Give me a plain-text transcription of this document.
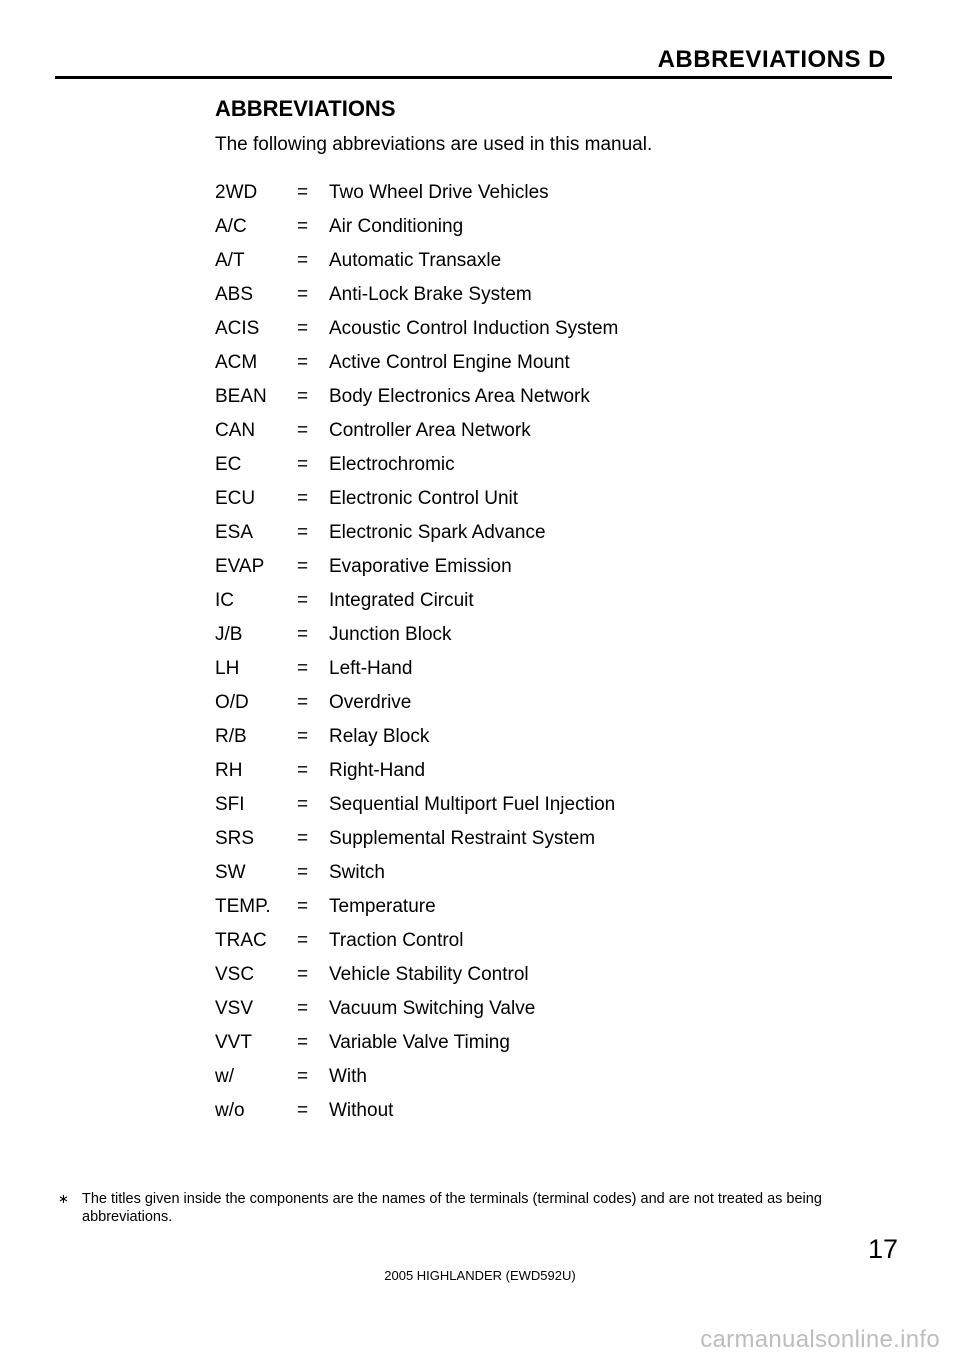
ABBREVIATIONS D
ABBREVIATIONS
The following abbreviations are used in this manual.
2WD	=	Two Wheel Drive Vehicles
A/C	=	Air Conditioning
A/T	=	Automatic Transaxle
ABS	=	Anti-Lock Brake System
ACIS	=	Acoustic Control Induction System
ACM	=	Active Control Engine Mount
BEAN	=	Body Electronics Area Network
CAN	=	Controller Area Network
EC	=	Electrochromic
ECU	=	Electronic Control Unit
ESA	=	Electronic Spark Advance
EVAP	=	Evaporative Emission
IC	=	Integrated Circuit
J/B	=	Junction Block
LH	=	Left-Hand
O/D	=	Overdrive
R/B	=	Relay Block
RH	=	Right-Hand
SFI	=	Sequential Multiport Fuel Injection
SRS	=	Supplemental Restraint System
SW	=	Switch
TEMP.	=	Temperature
TRAC	=	Traction Control
VSC	=	Vehicle Stability Control
VSV	=	Vacuum Switching Valve
VVT	=	Variable Valve Timing
w/	=	With
w/o	=	Without
∗ The titles given inside the components are the names of the terminals (terminal codes) and are not treated as being abbreviations.
17
2005 HIGHLANDER (EWD592U)
carmanualsonline.info
